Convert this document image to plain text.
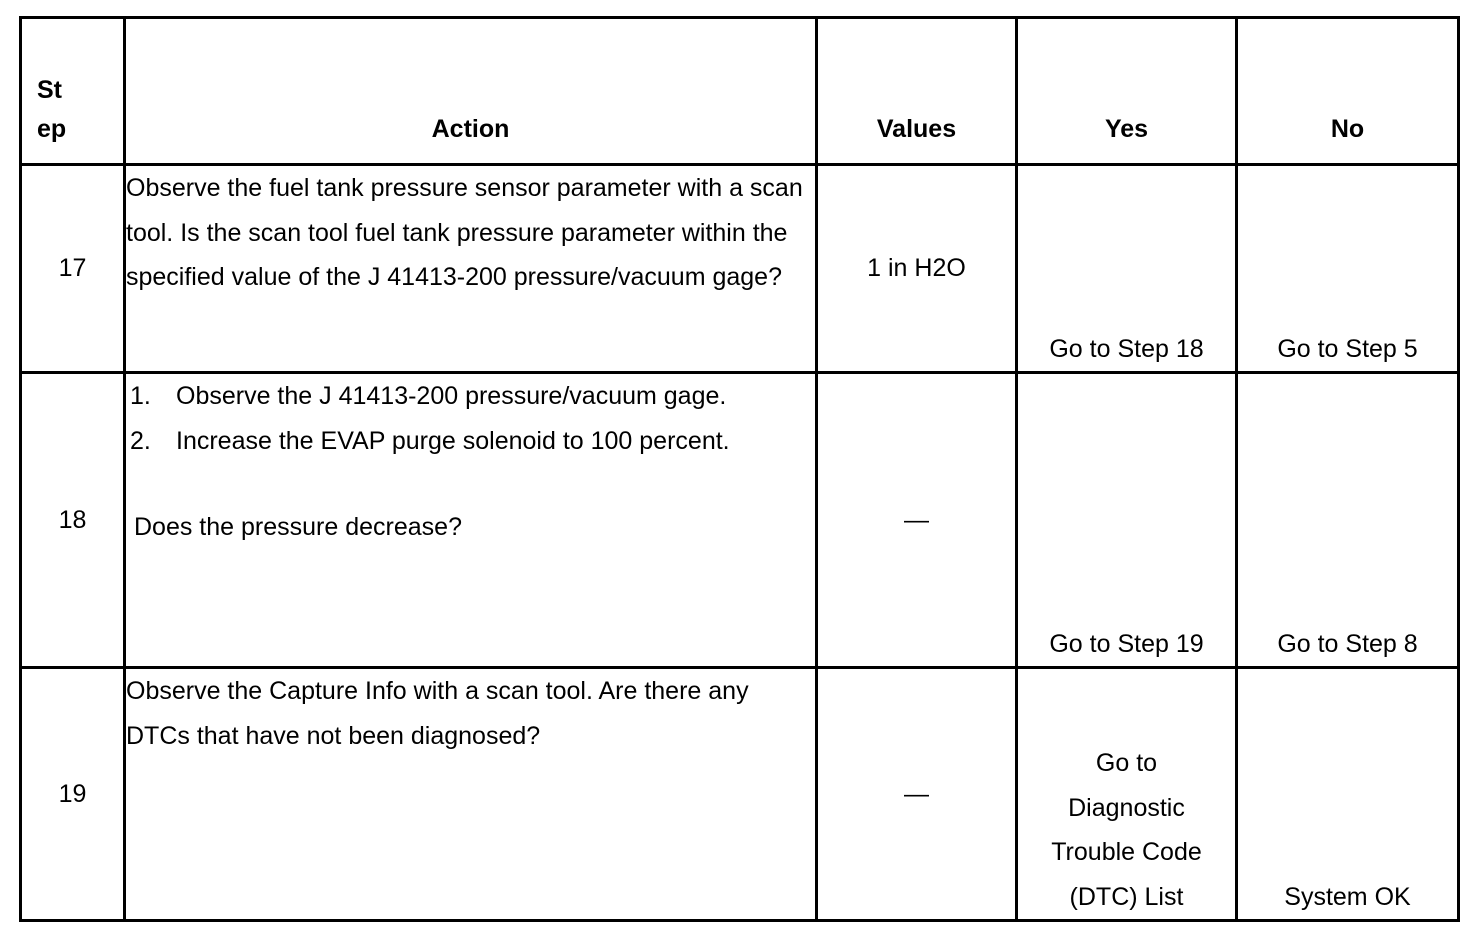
St ep	Action	Values	Yes	No
17	Observe the fuel tank pressure sensor parameter with a scan tool. Is the scan tool fuel tank pressure parameter within the specified value of the J 41413-200 pressure/vacuum gage?	1 in H2O	Go to Step 18	Go to Step 5
18	1. Observe the J 41413-200 pressure/vacuum gage.
2. Increase the EVAP purge solenoid to 100 percent.
Does the pressure decrease?	—	Go to Step 19	Go to Step 8
19	Observe the Capture Info with a scan tool. Are there any DTCs that have not been diagnosed?	—	Go to Diagnostic Trouble Code (DTC) List	System OK
